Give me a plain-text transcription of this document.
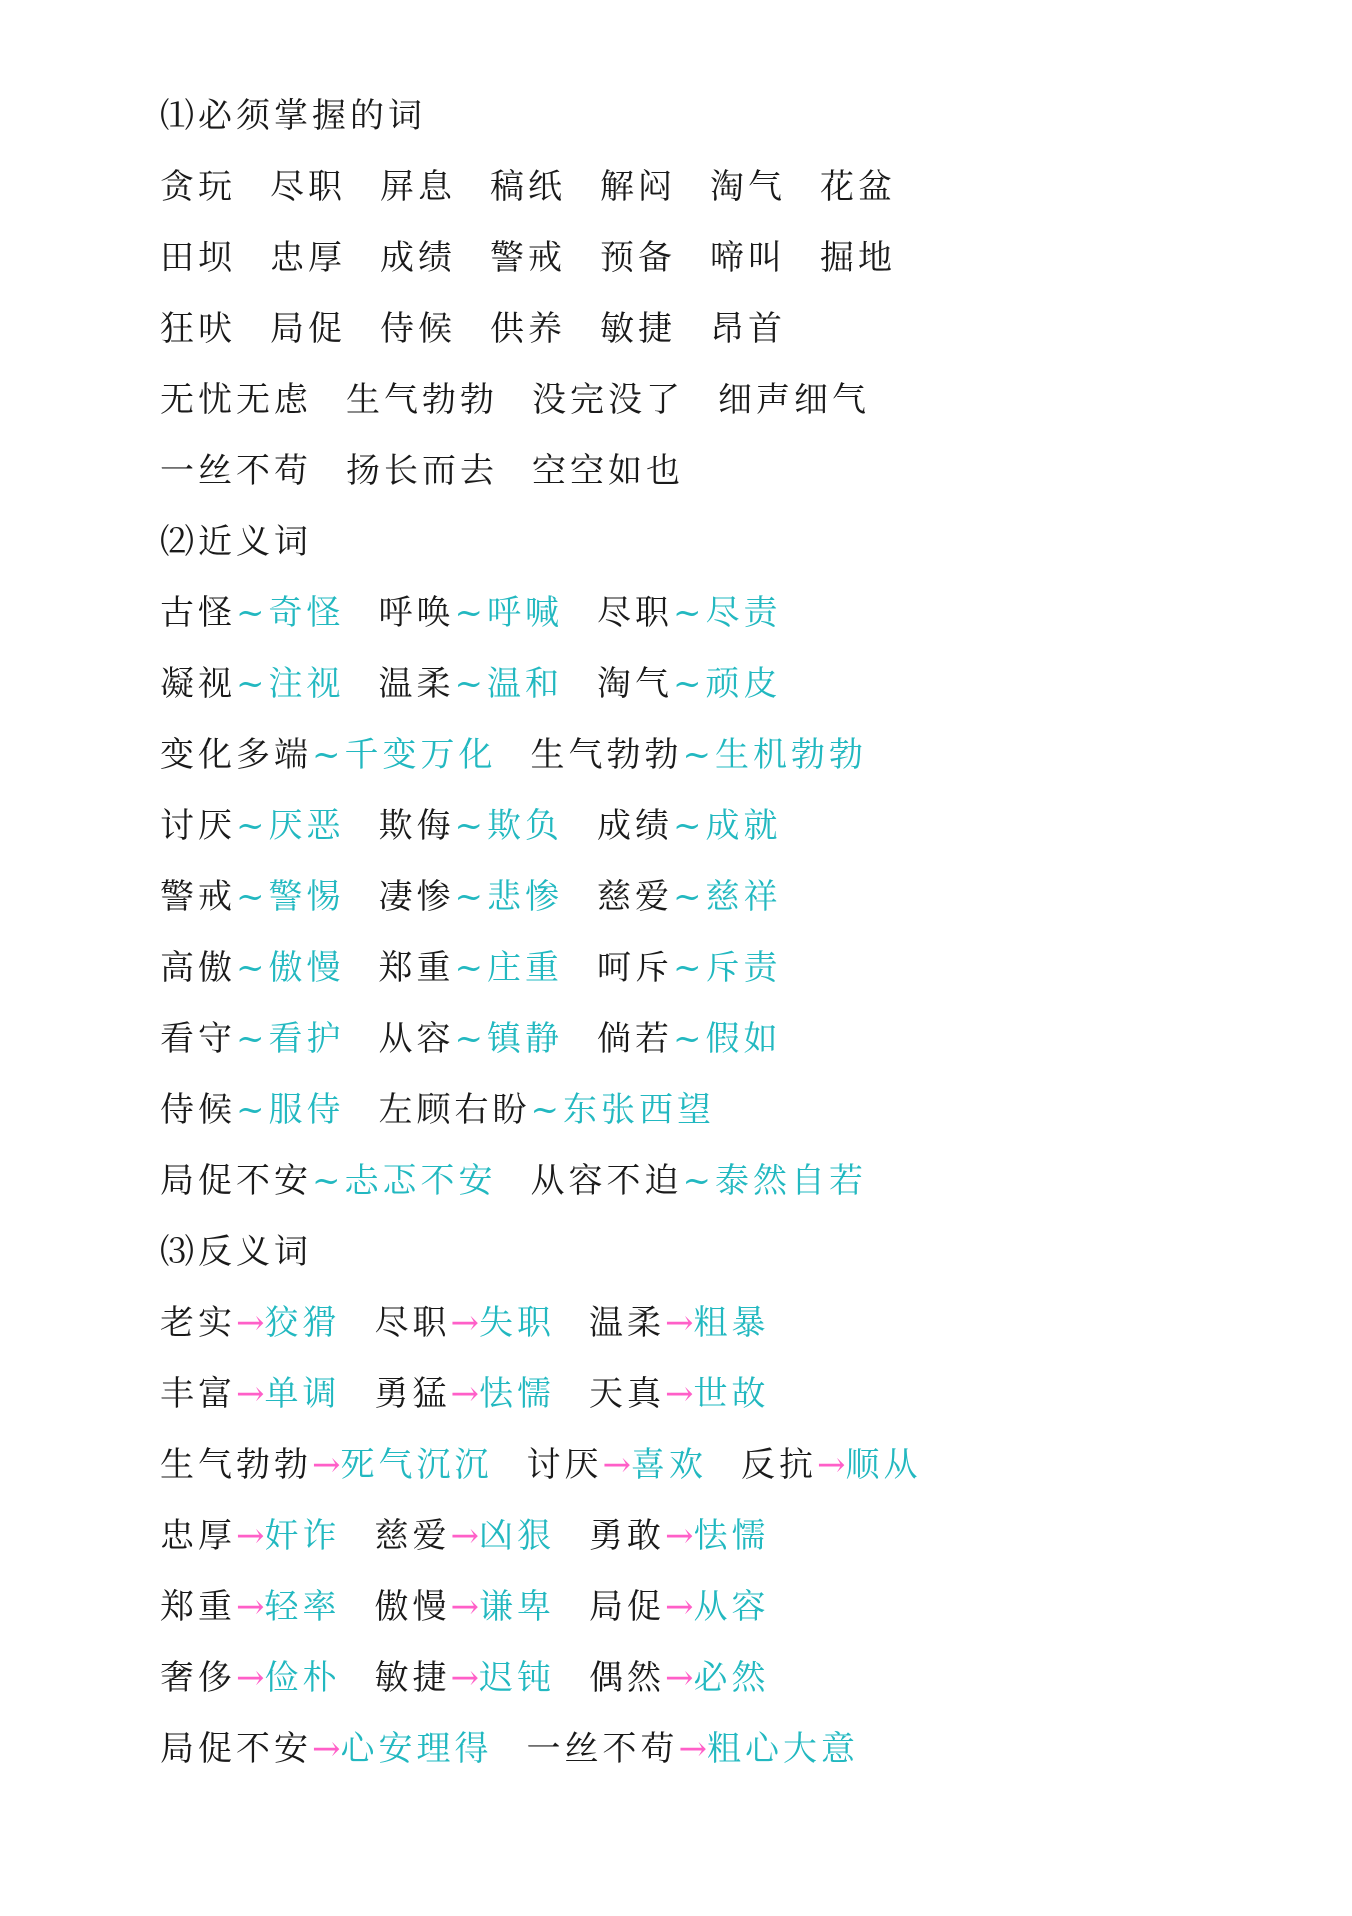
⑴必须掌握的词
贪玩 尽职 屏息 稿纸 解闷 淘气 花盆
田坝 忠厚 成绩 警戒 预备 啼叫 掘地
狂吠 局促 侍候 供养 敏捷 昂首
无忧无虑 生气勃勃 没完没了 细声细气
一丝不苟 扬长而去 空空如也
⑵近义词
古怪~奇怪 呼唤~呼喊 尽职~尽责
凝视~注视 温柔~温和 淘气~顽皮
变化多端~千变万化 生气勃勃~生机勃勃
讨厌~厌恶 欺侮~欺负 成绩~成就
警戒~警惕 凄惨~悲惨 慈爱~慈祥
高傲~傲慢 郑重~庄重 呵斥~斥责
看守~看护 从容~镇静 倘若~假如
侍候~服侍 左顾右盼~东张西望
局促不安~忐忑不安 从容不迫~泰然自若
⑶反义词
老实→狡猾 尽职→失职 温柔→粗暴
丰富→单调 勇猛→怯懦 天真→世故
生气勃勃→死气沉沉 讨厌→喜欢 反抗→顺从
忠厚→奸诈 慈爱→凶狠 勇敢→怯懦
郑重→轻率 傲慢→谦卑 局促→从容
奢侈→俭朴 敏捷→迟钝 偶然→必然
局促不安→心安理得 一丝不苟→粗心大意
